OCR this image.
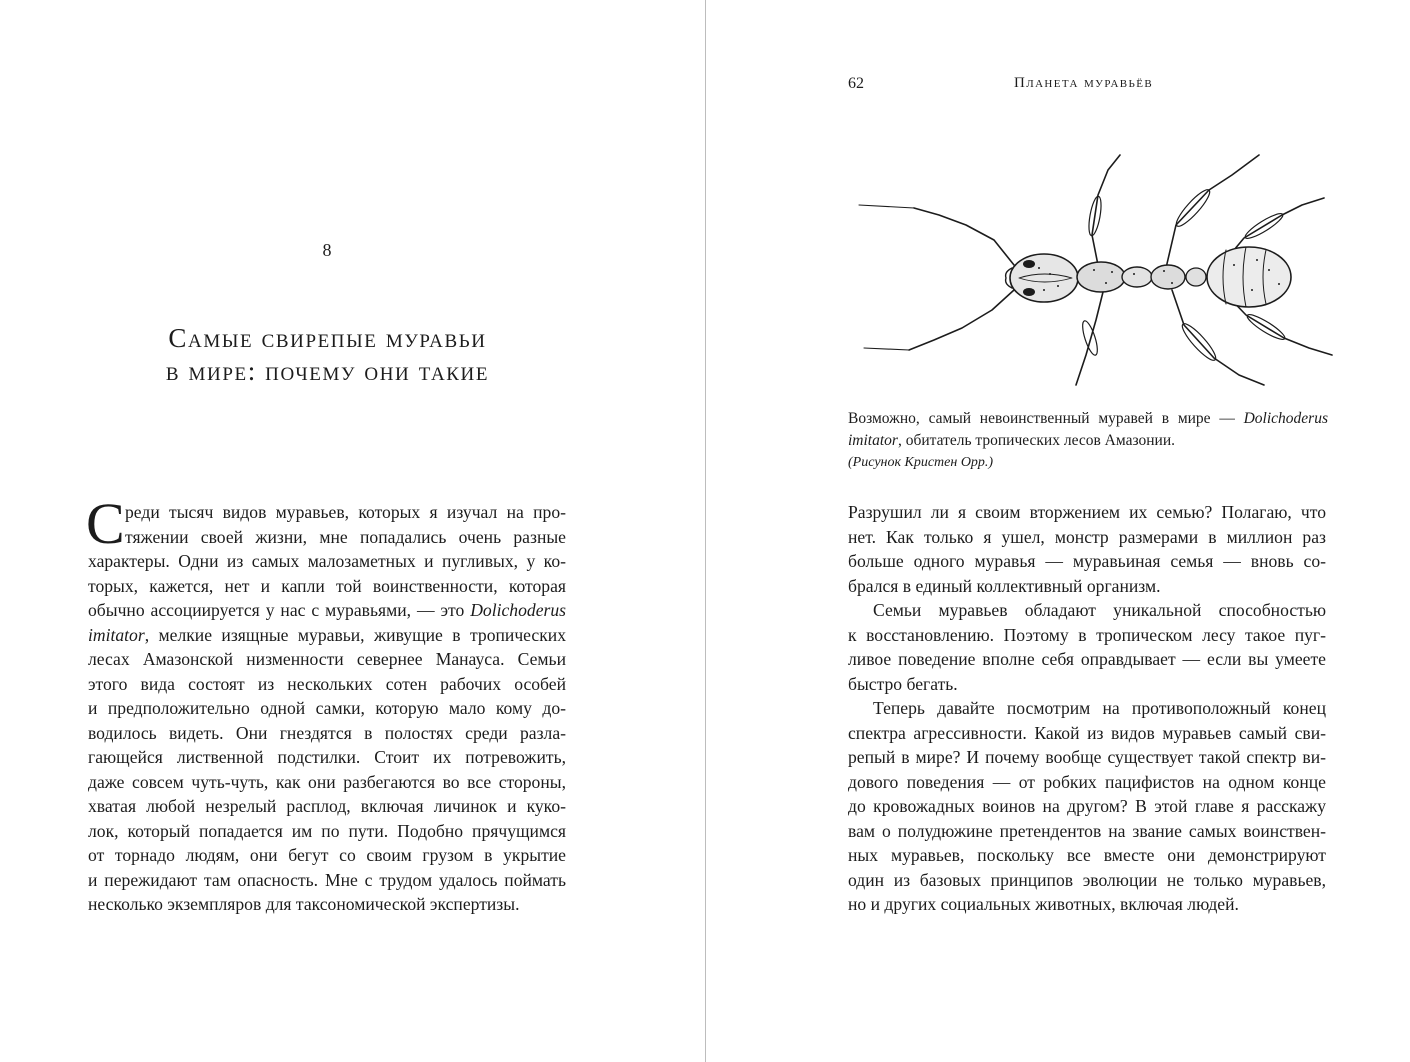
8
Самые свирепые муравьи
в мире: почему они такие
С реди тысяч видов муравьев, которых я изучал на про-
тяжении своей жизни, мне попадались очень разные
характеры. Одни из самых малозаметных и пугливых, у ко-
торых, кажется, нет и капли той воинственности, которая
обычно ассоциируется у нас с муравьями, — это Dolichoderus
imitator, мелкие изящные муравьи, живущие в тропических
лесах Амазонской низменности севернее Манауса. Семьи
этого вида состоят из нескольких сотен рабочих особей
и предположительно одной самки, которую мало кому до-
водилось видеть. Они гнездятся в полостях среди разла-
гающейся лиственной подстилки. Стоит их потревожить,
даже совсем чуть-чуть, как они разбегаются во все стороны,
хватая любой незрелый расплод, включая личинок и куко-
лок, который попадается им по пути. Подобно прячущимся
от торнадо людям, они бегут со своим грузом в укрытие
и пережидают там опасность. Мне с трудом удалось поймать
несколько экземпляров для таксономической экспертизы.
62	Планета муравьёв
Возможно, самый невоинственный муравей в мире — Dolichoderus
imitator, обитатель тропических лесов Амазонии.
(Рисунок Кристен Орр.)
Разрушил ли я своим вторжением их семью? Полагаю, что
нет. Как только я ушел, монстр размерами в миллион раз
больше одного муравья — муравьиная семья — вновь со-
брался в единый коллективный организм.
Семьи муравьев обладают уникальной способностью
к восстановлению. Поэтому в тропическом лесу такое пуг-
ливое поведение вполне себя оправдывает — если вы умеете
быстро бегать.
Теперь давайте посмотрим на противоположный конец
спектра агрессивности. Какой из видов муравьев самый сви-
репый в мире? И почему вообще существует такой спектр ви-
дового поведения — от робких пацифистов на одном конце
до кровожадных воинов на другом? В этой главе я расскажу
вам о полудюжине претендентов на звание самых воинствен-
ных муравьев, поскольку все вместе они демонстрируют
один из базовых принципов эволюции не только муравьев,
но и других социальных животных, включая людей.
